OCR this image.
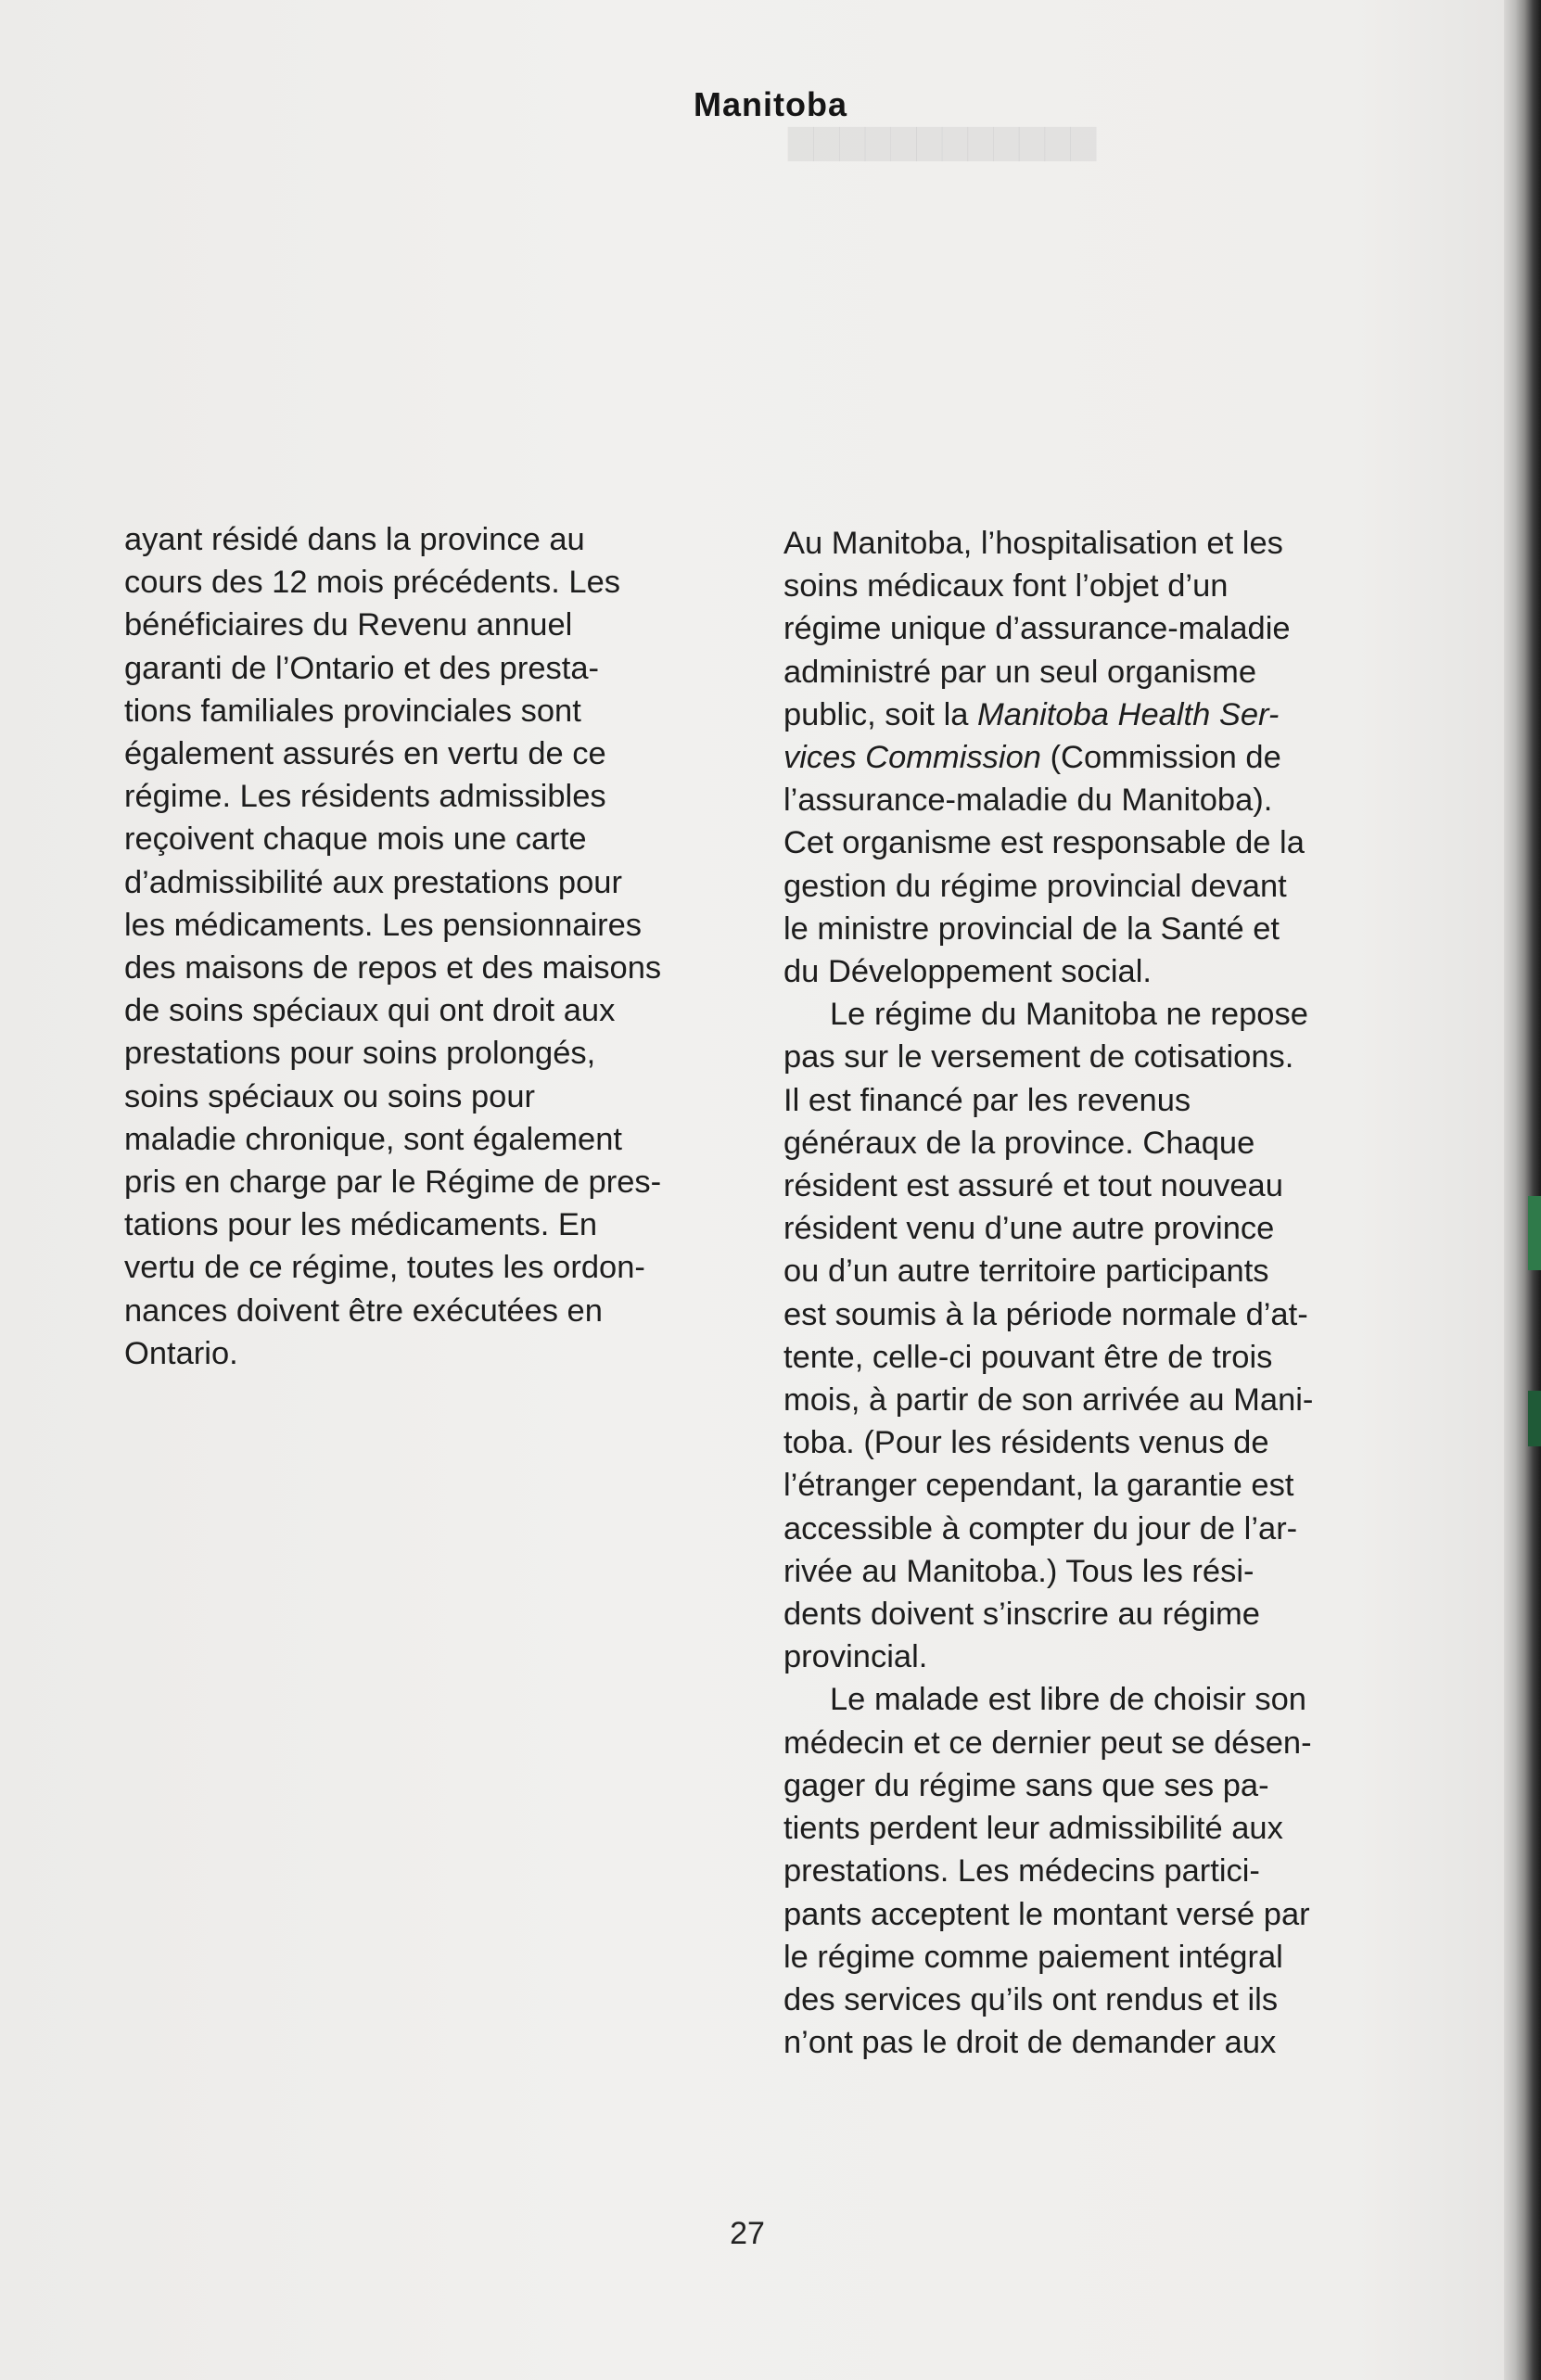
Manitoba

ayant résidé dans la province au
cours des 12 mois précédents. Les
bénéficiaires du Revenu annuel
garanti de l’Ontario et des presta-
tions familiales provinciales sont
également assurés en vertu de ce
régime. Les résidents admissibles
reçoivent chaque mois une carte
d’admissibilité aux prestations pour
les médicaments. Les pensionnaires
des maisons de repos et des maisons
de soins spéciaux qui ont droit aux
prestations pour soins prolongés,
soins spéciaux ou soins pour
maladie chronique, sont également
pris en charge par le Régime de pres-
tations pour les médicaments. En
vertu de ce régime, toutes les ordon-
nances doivent être exécutées en
Ontario.

Au Manitoba, l’hospitalisation et les
soins médicaux font l’objet d’un
régime unique d’assurance-maladie
administré par un seul organisme
public, soit la Manitoba Health Ser-
vices Commission (Commission de
l’assurance-maladie du Manitoba).
Cet organisme est responsable de la
gestion du régime provincial devant
le ministre provincial de la Santé et
du Développement social.

Le régime du Manitoba ne repose
pas sur le versement de cotisations.
Il est financé par les revenus
généraux de la province. Chaque
résident est assuré et tout nouveau
résident venu d’une autre province
ou d’un autre territoire participants
est soumis à la période normale d’at-
tente, celle-ci pouvant être de trois
mois, à partir de son arrivée au Mani-
toba. (Pour les résidents venus de
l’étranger cependant, la garantie est
accessible à compter du jour de l’ar-
rivée au Manitoba.) Tous les rési-
dents doivent s’inscrire au régime
provincial.

Le malade est libre de choisir son
médecin et ce dernier peut se désen-
gager du régime sans que ses pa-
tients perdent leur admissibilité aux
prestations. Les médecins partici-
pants acceptent le montant versé par
le régime comme paiement intégral
des services qu’ils ont rendus et ils
n’ont pas le droit de demander aux

27
